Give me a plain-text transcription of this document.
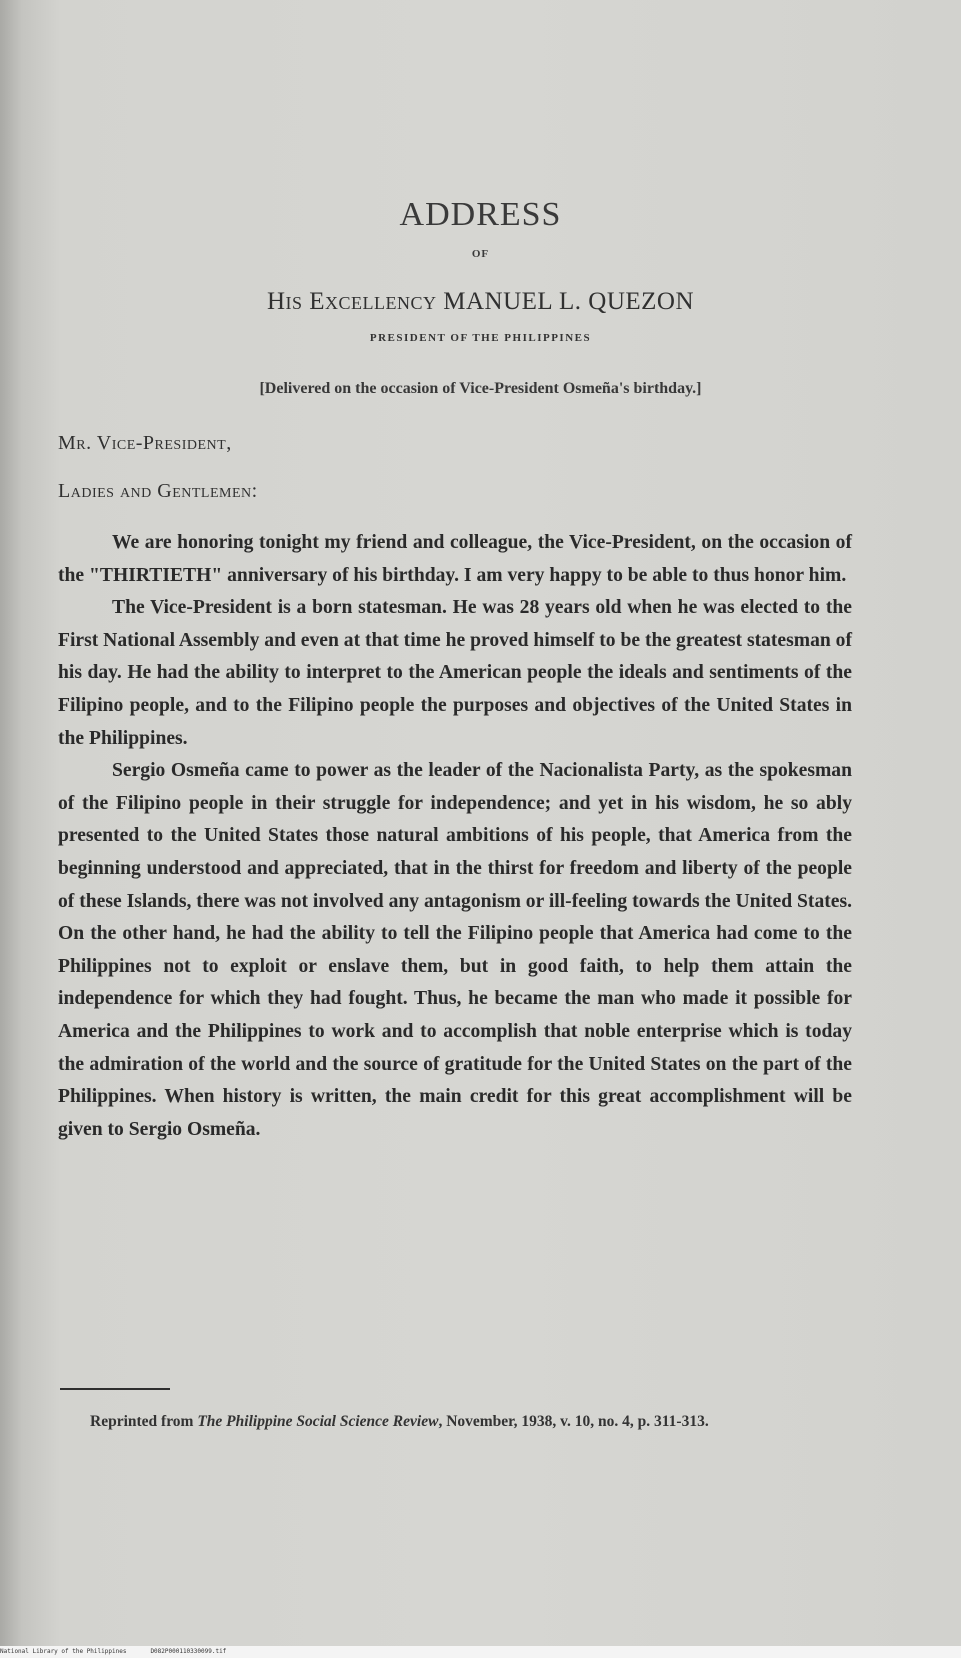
ADDRESS
OF
His Excellency MANUEL L. QUEZON
PRESIDENT OF THE PHILIPPINES
[Delivered on the occasion of Vice-President Osmeña's birthday.]
Mr. Vice-President,
Ladies and Gentlemen:

We are honoring tonight my friend and colleague, the Vice-President, on the occasion of the "THIRTIETH" anniversary of his birthday. I am very happy to be able to thus honor him.

The Vice-President is a born statesman. He was 28 years old when he was elected to the First National Assembly and even at that time he proved himself to be the greatest statesman of his day. He had the ability to interpret to the American people the ideals and sentiments of the Filipino people, and to the Filipino people the purposes and objectives of the United States in the Philippines.

Sergio Osmeña came to power as the leader of the Nacionalista Party, as the spokesman of the Filipino people in their struggle for independence; and yet in his wisdom, he so ably presented to the United States those natural ambitions of his people, that America from the beginning understood and appreciated, that in the thirst for freedom and liberty of the people of these Islands, there was not involved any antagonism or ill-feeling towards the United States. On the other hand, he had the ability to tell the Filipino people that America had come to the Philippines not to exploit or enslave them, but in good faith, to help them attain the independence for which they had fought. Thus, he became the man who made it possible for America and the Philippines to work and to accomplish that noble enterprise which is today the admiration of the world and the source of gratitude for the United States on the part of the Philippines. When history is written, the main credit for this great accomplishment will be given to Sergio Osmeña.

Reprinted from The Philippine Social Science Review, November, 1938, v. 10, no. 4, p. 311-313.
National Library of the Philippines	D082P000110330099.tif
